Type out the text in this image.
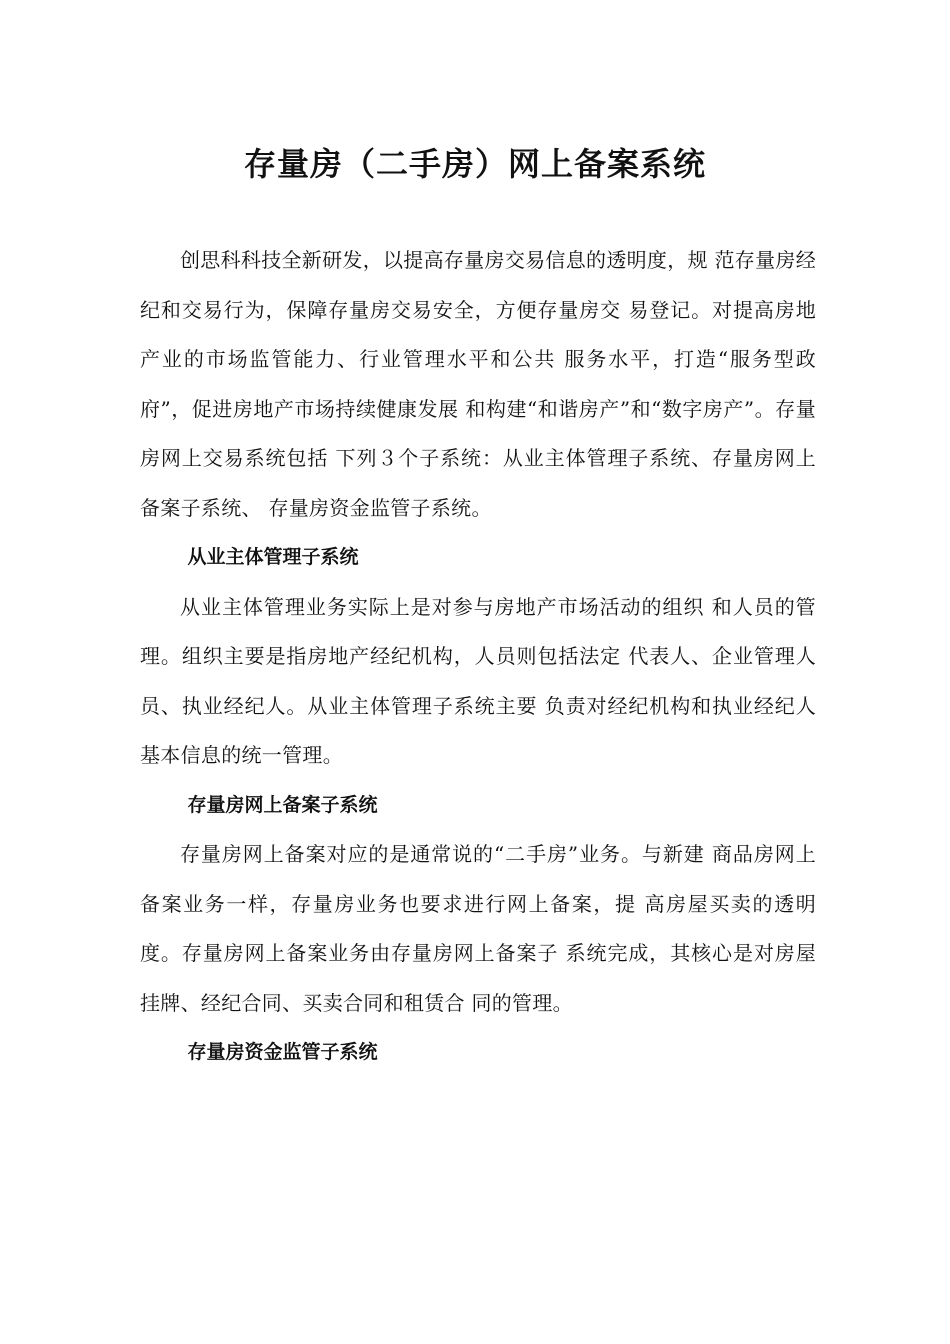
存量房（二手房）网上备案系统

创思科科技全新研发，以提高存量房交易信息的透明度，规 范存量房经纪和交易行为，保障存量房交易安全，方便存量房交 易登记。对提高房地产业的市场监管能力、行业管理水平和公共 服务水平，打造“服务型政府”，促进房地产市场持续健康发展 和构建“和谐房产”和“数字房产”。存量房网上交易系统包括 下列３个子系统：从业主体管理子系统、存量房网上备案子系统、 存量房资金监管子系统。

从业主体管理子系统

从业主体管理业务实际上是对参与房地产市场活动的组织 和人员的管理。组织主要是指房地产经纪机构，人员则包括法定 代表人、企业管理人员、执业经纪人。从业主体管理子系统主要 负责对经纪机构和执业经纪人基本信息的统一管理。

存量房网上备案子系统

存量房网上备案对应的是通常说的“二手房”业务。与新建 商品房网上备案业务一样，存量房业务也要求进行网上备案，提 高房屋买卖的透明度。存量房网上备案业务由存量房网上备案子 系统完成，其核心是对房屋挂牌、经纪合同、买卖合同和租赁合 同的管理。

存量房资金监管子系统
